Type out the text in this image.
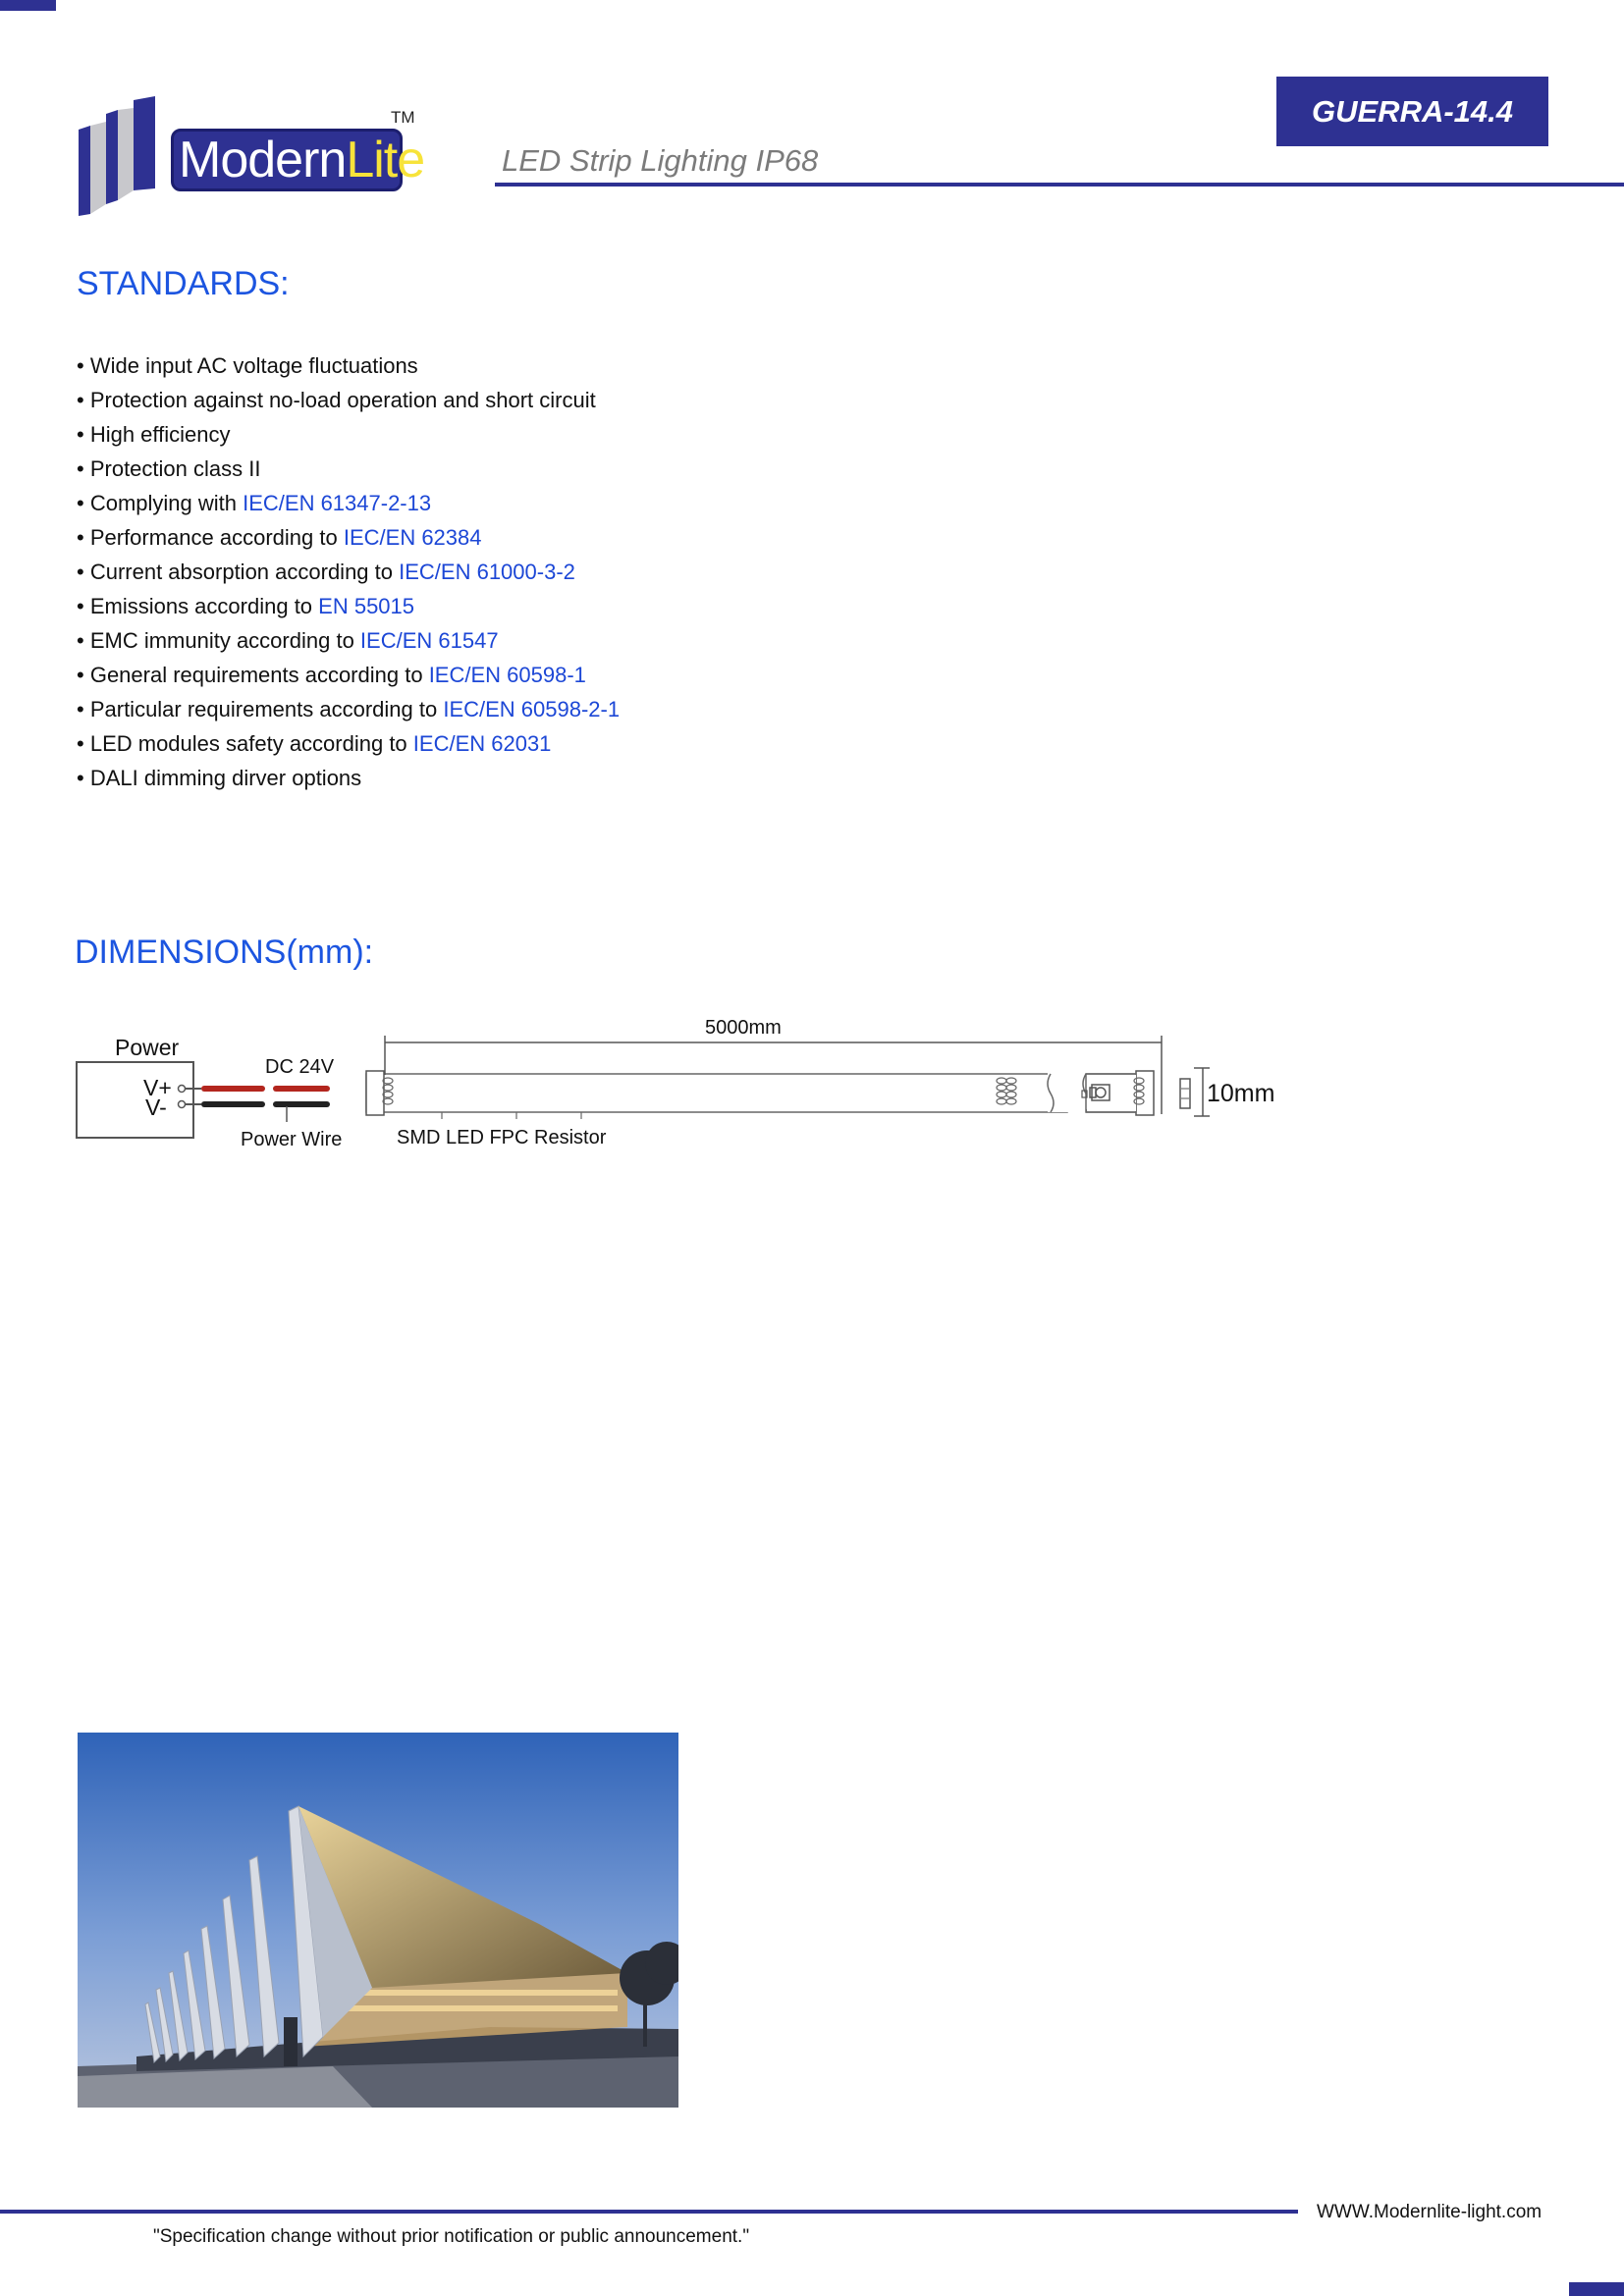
ModernLite
TM
LED Strip Lighting IP68
GUERRA-14.4
STANDARDS:
• Wide input AC voltage fluctuations
• Protection against no-load operation and short circuit
• High efficiency
• Protection class II
• Complying with IEC/EN 61347-2-13
• Performance according to IEC/EN 62384
• Current absorption according to IEC/EN 61000-3-2
• Emissions according to EN 55015
• EMC immunity according to IEC/EN 61547
• General requirements according to IEC/EN 60598-1
• Particular requirements according to IEC/EN 60598-2-1
• LED modules safety according to IEC/EN 62031
• DALI dimming dirver options
DIMENSIONS(mm):
Power
V+
V-
DC 24V
Power Wire	SMD LED FPC Resistor
5000mm
10mm
WWW.Modernlite-light.com
"Specification change without prior notification or public announcement."
